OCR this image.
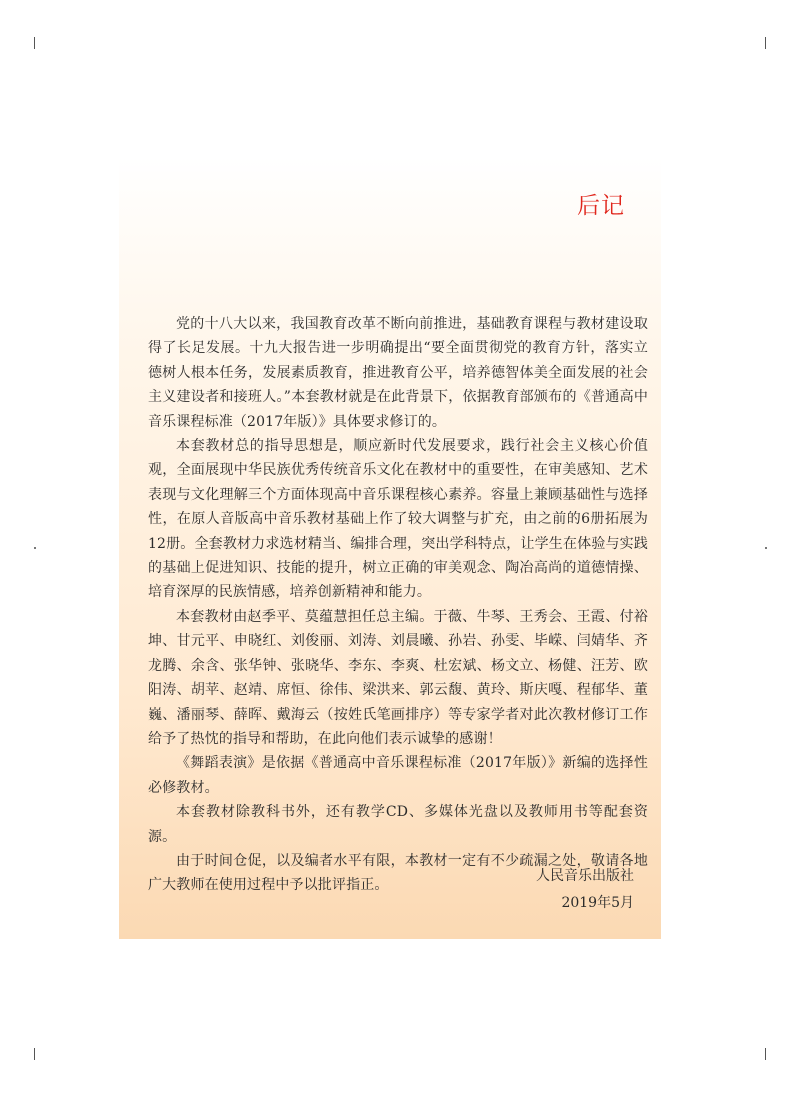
后记

党的十八大以来，我国教育改革不断向前推进，基础教育课程与教材建设取得了长足发展。十九大报告进一步明确提出“要全面贯彻党的教育方针，落实立德树人根本任务，发展素质教育，推进教育公平，培养德智体美全面发展的社会主义建设者和接班人。”本套教材就是在此背景下，依据教育部颁布的《普通高中音乐课程标准（2017年版）》具体要求修订的。

本套教材总的指导思想是，顺应新时代发展要求，践行社会主义核心价值观，全面展现中华民族优秀传统音乐文化在教材中的重要性，在审美感知、艺术表现与文化理解三个方面体现高中音乐课程核心素养。容量上兼顾基础性与选择性，在原人音版高中音乐教材基础上作了较大调整与扩充，由之前的6册拓展为12册。全套教材力求选材精当、编排合理，突出学科特点，让学生在体验与实践的基础上促进知识、技能的提升，树立正确的审美观念、陶冶高尚的道德情操、培育深厚的民族情感，培养创新精神和能力。

本套教材由赵季平、莫蕴慧担任总主编。于薇、牛琴、王秀会、王霞、付裕坤、甘元平、申晓红、刘俊丽、刘涛、刘晨曦、孙岩、孙雯、毕嵘、闫婧华、齐龙腾、余含、张华钟、张晓华、李东、李爽、杜宏斌、杨文立、杨健、汪芳、欧阳涛、胡苹、赵靖、席恒、徐伟、梁洪来、郭云馥、黄玲、斯庆嘎、程郁华、董巍、潘丽琴、薛晖、戴海云（按姓氏笔画排序）等专家学者对此次教材修订工作给予了热忱的指导和帮助，在此向他们表示诚挚的感谢！

《舞蹈表演》是依据《普通高中音乐课程标准（2017年版）》新编的选择性必修教材。

本套教材除教科书外，还有教学CD、多媒体光盘以及教师用书等配套资源。

由于时间仓促，以及编者水平有限，本教材一定有不少疏漏之处，敬请各地广大教师在使用过程中予以批评指正。

人民音乐出版社

2019年5月
